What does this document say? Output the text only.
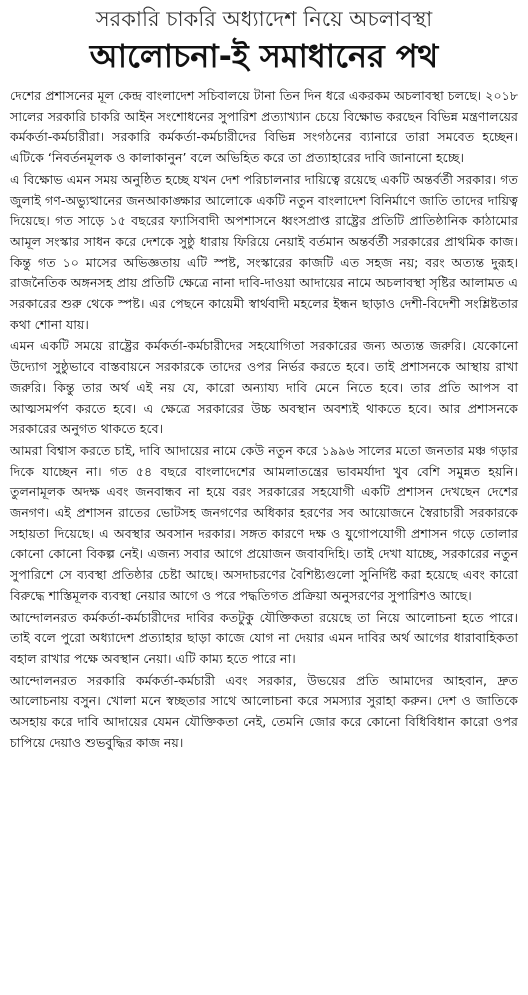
সরকারি চাকরি অধ্যাদেশ নিয়ে অচলাবস্থা
আলোচনা-ই সমাধানের পথ

দেশের প্রশাসনের মূল কেন্দ্র বাংলাদেশ সচিবালয়ে টানা তিন দিন ধরে একরকম অচলাবস্থা চলছে। ২০১৮ সালের সরকারি চাকরি আইন সংশোধনের সুপারিশ প্রত্যাখ্যান চেয়ে বিক্ষোভ করছেন বিভিন্ন মন্ত্রণালয়ের কর্মকর্তা-কর্মচারীরা। সরকারি কর্মকর্তা-কর্মচারীদের বিভিন্ন সংগঠনের ব্যানারে তারা সমবেত হচ্ছেন। এটিকে ‘নিবর্তনমূলক ও কালাকানুন’ বলে অভিহিত করে তা প্রত্যাহারের দাবি জানানো হচ্ছে।

এ বিক্ষোভ এমন সময় অনুষ্ঠিত হচ্ছে যখন দেশ পরিচালনার দায়িত্বে রয়েছে একটি অন্তর্বর্তী সরকার। গত জুলাই গণ-অভ্যুত্থানের জনআকাঙ্ক্ষার আলোকে একটি নতুন বাংলাদেশ বিনির্মাণে জাতি তাদের দায়িত্ব দিয়েছে। গত সাড়ে ১৫ বছরের ফ্যাসিবাদী অপশাসনে ধ্বংসপ্রাপ্ত রাষ্ট্রের প্রতিটি প্রাতিষ্ঠানিক কাঠামোর আমূল সংস্কার সাধন করে দেশকে সুষ্ঠু ধারায় ফিরিয়ে নেয়াই বর্তমান অন্তর্বর্তী সরকারের প্রাথমিক কাজ। কিন্তু গত ১০ মাসের অভিজ্ঞতায় এটি স্পষ্ট, সংস্কারের কাজটি এত সহজ নয়; বরং অত্যন্ত দুরূহ। রাজনৈতিক অঙ্গনসহ প্রায় প্রতিটি ক্ষেত্রে নানা দাবি-দাওয়া আদায়ের নামে অচলাবস্থা সৃষ্টির আলামত এ সরকারের শুরু থেকে স্পষ্ট। এর পেছনে কায়েমী স্বার্থবাদী মহলের ইন্ধন ছাড়াও দেশী-বিদেশী সংশ্লিষ্টতার কথা শোনা যায়।

এমন একটি সময়ে রাষ্ট্রের কর্মকর্তা-কর্মচারীদের সহযোগিতা সরকারের জন্য অত্যন্ত জরুরি। যেকোনো উদ্যোগ সুষ্ঠুভাবে বাস্তবায়নে সরকারকে তাদের ওপর নির্ভর করতে হবে। তাই প্রশাসনকে আস্থায় রাখা জরুরি। কিন্তু তার অর্থ এই নয় যে, কারো অন্যায্য দাবি মেনে নিতে হবে। তার প্রতি আপস বা আত্মসমর্পণ করতে হবে। এ ক্ষেত্রে সরকারের উচ্চ অবস্থান অবশ্যই থাকতে হবে। আর প্রশাসনকে সরকারের অনুগত থাকতে হবে।

আমরা বিশ্বাস করতে চাই, দাবি আদায়ের নামে কেউ নতুন করে ১৯৯৬ সালের মতো জনতার মঞ্চ গড়ার দিকে যাচ্ছেন না। গত ৫৪ বছরে বাংলাদেশের আমলাতন্ত্রের ভাবমর্যাদা খুব বেশি সমুন্নত হয়নি। তুলনামূলক অদক্ষ এবং জনবান্ধব না হয়ে বরং সরকারের সহযোগী একটি প্রশাসন দেখছেন দেশের জনগণ। এই প্রশাসন রাতের ভোটসহ জনগণের অধিকার হরণের সব আয়োজনে স্বৈরাচারী সরকারকে সহায়তা দিয়েছে। এ অবস্থার অবসান দরকার। সঙ্গত কারণে দক্ষ ও যুগোপযোগী প্রশাসন গড়ে তোলার কোনো কোনো বিকল্প নেই। এজন্য সবার আগে প্রয়োজন জবাবদিহি। তাই দেখা যাচ্ছে, সরকারের নতুন সুপারিশে সে ব্যবস্থা প্রতিষ্ঠার চেষ্টা আছে। অসদাচরণের বৈশিষ্ট্যগুলো সুনির্দিষ্ট করা হয়েছে এবং কারো বিরুদ্ধে শাস্তিমূলক ব্যবস্থা নেয়ার আগে ও পরে পদ্ধতিগত প্রক্রিয়া অনুসরণের সুপারিশও আছে।

আন্দোলনরত কর্মকর্তা-কর্মচারীদের দাবির কতটুকু যৌক্তিকতা রয়েছে তা নিয়ে আলোচনা হতে পারে। তাই বলে পুরো অধ্যাদেশ প্রত্যাহার ছাড়া কাজে যোগ না দেয়ার এমন দাবির অর্থ আগের ধারাবাহিকতা বহাল রাখার পক্ষে অবস্থান নেয়া। এটি কাম্য হতে পারে না।

আন্দোলনরত সরকারি কর্মকর্তা-কর্মচারী এবং সরকার, উভয়ের প্রতি আমাদের আহবান, দ্রুত আলোচনায় বসুন। খোলা মনে স্বচ্ছতার সাথে আলোচনা করে সমস্যার সুরাহা করুন। দেশ ও জাতিকে অসহায় করে দাবি আদায়ের যেমন যৌক্তিকতা নেই, তেমনি জোর করে কোনো বিধিবিধান কারো ওপর চাপিয়ে দেয়াও শুভবুদ্ধির কাজ নয়।
